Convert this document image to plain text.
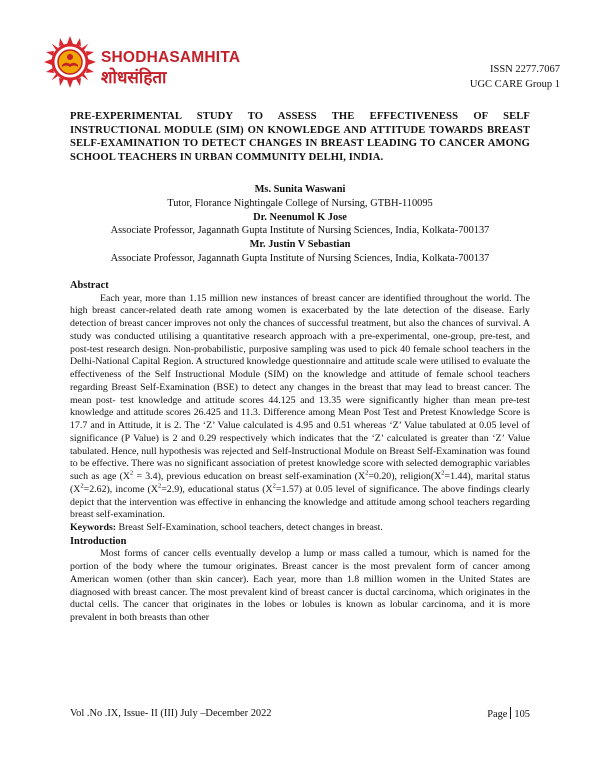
SHODHASAMHITA
शोधसंहिता	ISSN 2277.7067
UGC CARE Group 1
PRE-EXPERIMENTAL STUDY TO ASSESS THE EFFECTIVENESS OF SELF INSTRUCTIONAL MODULE (SIM) ON KNOWLEDGE AND ATTITUDE TOWARDS BREAST SELF-EXAMINATION TO DETECT CHANGES IN BREAST LEADING TO CANCER AMONG SCHOOL TEACHERS IN URBAN COMMUNITY DELHI, INDIA.
Ms. Sunita Waswani
Tutor, Florance Nightingale College of Nursing, GTBH-110095
Dr. Neenumol K Jose
Associate Professor, Jagannath Gupta Institute of Nursing Sciences, India, Kolkata-700137
Mr. Justin V Sebastian
Associate Professor, Jagannath Gupta Institute of Nursing Sciences, India, Kolkata-700137
Abstract

Each year, more than 1.15 million new instances of breast cancer are identified throughout the world. The high breast cancer-related death rate among women is exacerbated by the late detection of the disease. Early detection of breast cancer improves not only the chances of successful treatment, but also the chances of survival. A study was conducted utilising a quantitative research approach with a pre-experimental, one-group, pre-test, and post-test research design. Non-probabilistic, purposive sampling was used to pick 40 female school teachers in the Delhi-National Capital Region. A structured knowledge questionnaire and attitude scale were utilised to evaluate the effectiveness of the Self Instructional Module (SIM) on the knowledge and attitude of female school teachers regarding Breast Self-Examination (BSE) to detect any changes in the breast that may lead to breast cancer. The mean post- test knowledge and attitude scores 44.125 and 13.35 were significantly higher than mean pre-test knowledge and attitude scores 26.425 and 11.3. Difference among Mean Post Test and Pretest Knowledge Score is 17.7 and in Attitude, it is 2. The ‘Z’ Value calculated is 4.95 and 0.51 whereas ‘Z’ Value tabulated at 0.05 level of significance (P Value) is 2 and 0.29 respectively which indicates that the ‘Z’ calculated is greater than ‘Z’ Value tabulated. Hence, null hypothesis was rejected and Self-Instructional Module on Breast Self-Examination was found to be effective. There was no significant association of pretest knowledge score with selected demographic variables such as age $(X^2 = 3.4)$, previous education on breast self-examination $(X^2=0.20)$, $religion(X^2=1.44)$, marital status $(X^2=2.62)$, income $(X^2=2.9)$, educational status $(X^2=1.57)$ at 0.05 level of significance. The above findings clearly depict that the intervention was effective in enhancing the knowledge and attitude among school teachers regarding breast self-examination.

Keywords: Breast Self-Examination, school teachers, detect changes in breast.

Introduction

Most forms of cancer cells eventually develop a lump or mass called a tumour, which is named for the portion of the body where the tumour originates. Breast cancer is the most prevalent form of cancer among American women (other than skin cancer). Each year, more than 1.8 million women in the United States are diagnosed with breast cancer. The most prevalent kind of breast cancer is ductal carcinoma, which originates in the ductal cells. The cancer that originates in the lobes or lobules is known as lobular carcinoma, and it is more prevalent in both breasts than other

Vol .No .IX, Issue- II (III) July –December 2022	Page 105
